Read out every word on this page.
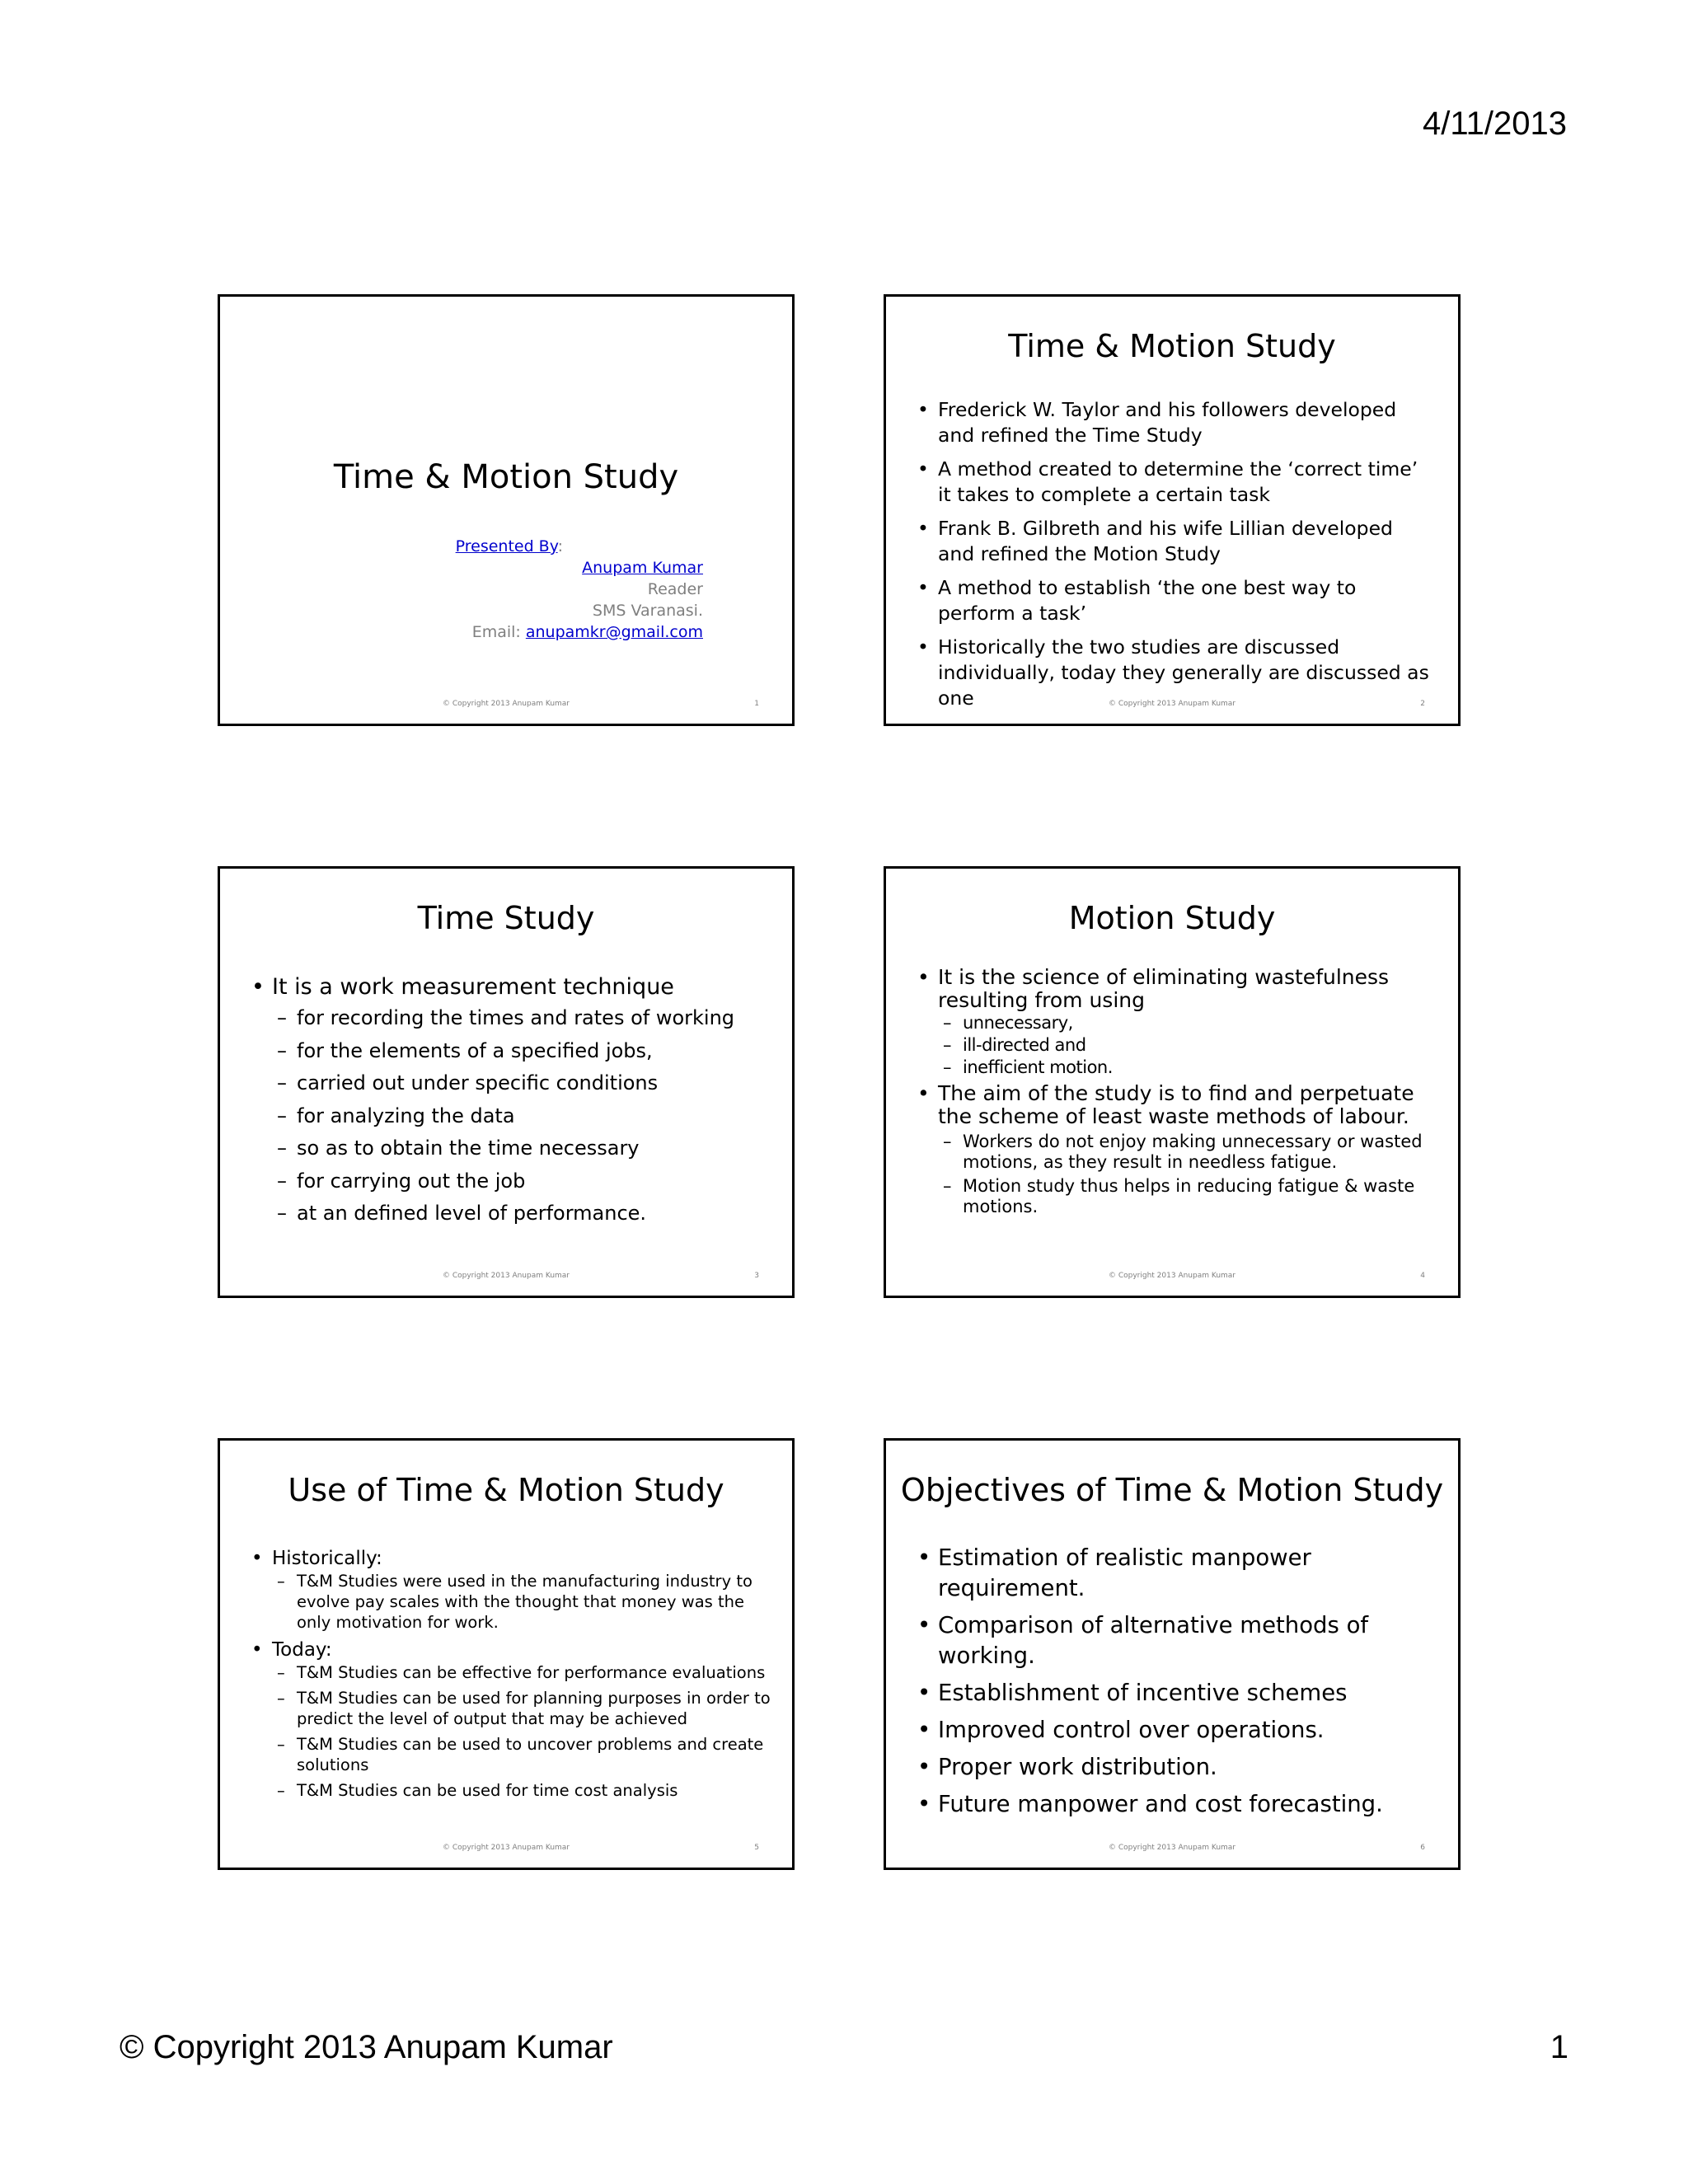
4/11/2013
Time & Motion Study
Presented By:
Anupam Kumar
Reader
SMS Varanasi.
Email: anupamkr@gmail.com
© Copyright 2013 Anupam Kumar	1
Time & Motion Study
• Frederick W. Taylor and his followers developed and refined the Time Study
• A method created to determine the ‘correct time’ it takes to complete a certain task
• Frank B. Gilbreth and his wife Lillian developed and refined the Motion Study
• A method to establish ‘the one best way to perform a task’
• Historically the two studies are discussed individually, today they generally are discussed as one	© Copyright 2013 Anupam Kumar	2
Time Study
• It is a work measurement technique
– for recording the times and rates of working
– for the elements of a specified jobs,
– carried out under specific conditions
– for analyzing the data
– so as to obtain the time necessary
– for carrying out the job
– at an defined level of performance.
© Copyright 2013 Anupam Kumar	3
Motion Study
• It is the science of eliminating wastefulness resulting from using
– unnecessary,
– ill-directed and
– inefficient motion.
• The aim of the study is to find and perpetuate the scheme of least waste methods of labour.
– Workers do not enjoy making unnecessary or wasted motions, as they result in needless fatigue.
– Motion study thus helps in reducing fatigue & waste motions.
© Copyright 2013 Anupam Kumar	4
Use of Time & Motion Study
• Historically:
– T&M Studies were used in the manufacturing industry to evolve pay scales with the thought that money was the only motivation for work.
• Today:
– T&M Studies can be effective for performance evaluations
– T&M Studies can be used for planning purposes in order to predict the level of output that may be achieved
– T&M Studies can be used to uncover problems and create solutions
– T&M Studies can be used for time cost analysis
© Copyright 2013 Anupam Kumar	5
Objectives of Time & Motion Study
• Estimation of realistic manpower requirement.
• Comparison of alternative methods of working.
• Establishment of incentive schemes
• Improved control over operations.
• Proper work distribution.
• Future manpower and cost forecasting.
© Copyright 2013 Anupam Kumar	6
© Copyright 2013 Anupam Kumar	1
